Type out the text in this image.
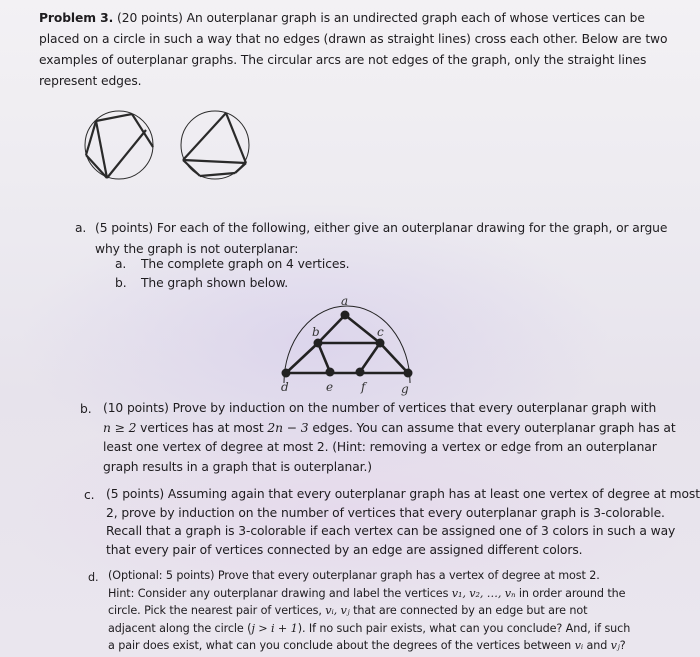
Problem 3. (20 points) An outerplanar graph is an undirected graph each of whose vertices can be
placed on a circle in such a way that no edges (drawn as straight lines) cross each other. Below are two
examples of outerplanar graphs. The circular arcs are not edges of the graph, only the straight lines
represent edges.
a
b	c
d	e f	g
a. (5 points) For each of the following, either give an outerplanar drawing for the graph, or argue
why the graph is not outerplanar:
a. The complete graph on 4 vertices.
b. The graph shown below.
b. (10 points) Prove by induction on the number of vertices that every outerplanar graph with
n ≥ 2 vertices has at most 2n − 3 edges. You can assume that every outerplanar graph has at
least one vertex of degree at most 2. (Hint: removing a vertex or edge from an outerplanar
graph results in a graph that is outerplanar.)
c. (5 points) Assuming again that every outerplanar graph has at least one vertex of degree at most
2, prove by induction on the number of vertices that every outerplanar graph is 3-colorable.
Recall that a graph is 3-colorable if each vertex can be assigned one of 3 colors in such a way
that every pair of vertices connected by an edge are assigned different colors.
d. (Optional: 5 points) Prove that every outerplanar graph has a vertex of degree at most 2.
Hint: Consider any outerplanar drawing and label the vertices v₁, v₂, …, vₙ in order around the
circle. Pick the nearest pair of vertices, vᵢ, vⱼ that are connected by an edge but are not
adjacent along the circle (j > i + 1). If no such pair exists, what can you conclude? And, if such
a pair does exist, what can you conclude about the degrees of the vertices between vᵢ and vⱼ?
